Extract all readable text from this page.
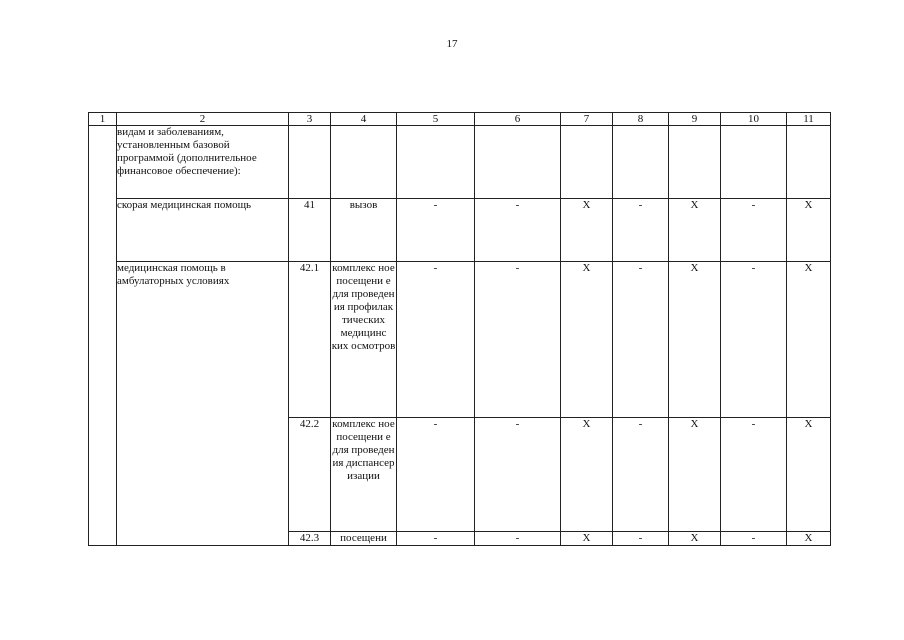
17
1	2	3	4	5	6	7	8	9	10	11
	видам и заболеваниям, установленным базовой программой (дополнительное финансовое обеспечение):									
	скорая медицинская помощь	41	вызов	-	-	Х	-	Х	-	Х
	медицинская помощь в амбулаторных условиях	42.1	комплекс ное посещени е для проведен ия профилак тических медицинс ких осмотров	-	-	Х	-	Х	-	Х
		42.2	комплекс ное посещени е для проведен ия диспансер изации	-	-	Х	-	Х	-	Х
		42.3	посещени	-	-	Х	-	Х	-	Х
